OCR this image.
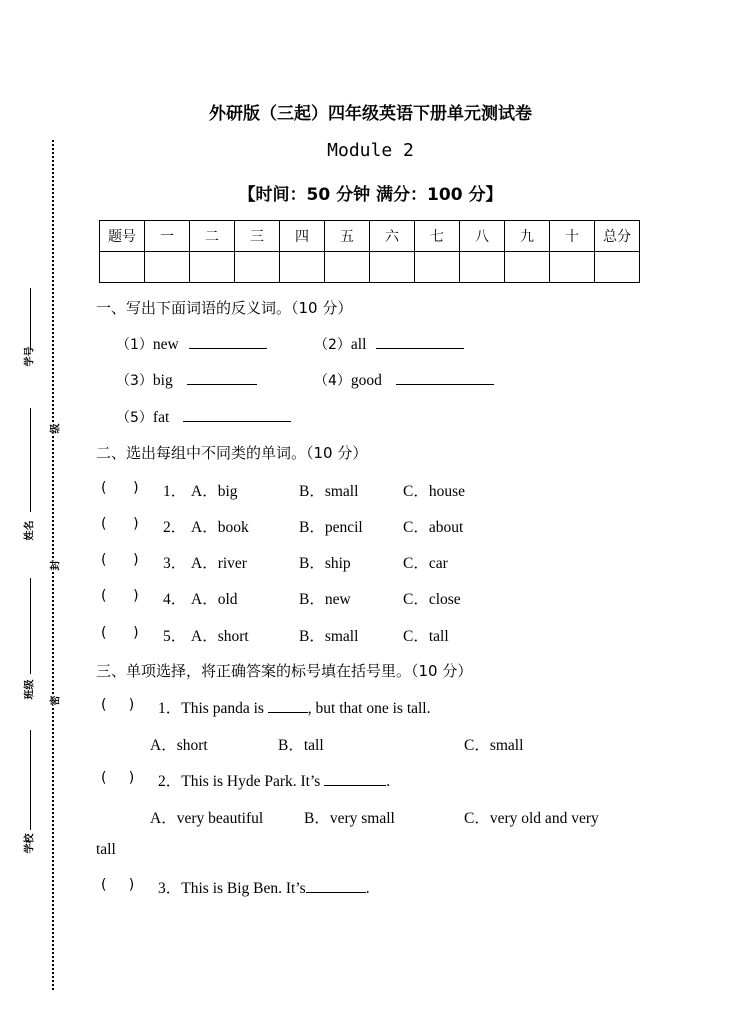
学号
姓名
班级
学校
级
封
密
外研版（三起）四年级英语下册单元测试卷
Module 2
【时间：50 分钟 满分：100 分】
题号	一	二	三	四	五	六	七	八	九	十	总分

一、写出下面词语的反义词。（10 分）
（1）new	（2）all
（3）big	（4）good
（5）fat
二、选出每组中不同类的单词。（10 分）
(      ) 1． A．big	B．small	C．house
(      ) 2． A．book	B．pencil	C．about
(      ) 3． A．river	B．ship	C．car
(      ) 4． A．old	B．new	C．close
(      ) 5． A．short	B．small	C．tall
三、单项选择，将正确答案的标号填在括号里。（10 分）
(     ) 1．This panda is	, but that one is tall.
A．short	B．tall	C．small
(     ) 2．This is Hyde Park. It’s	.
A．very beautiful	B．very small	C．very old and very
tall
(     ) 3．This is Big Ben. It’s	.
